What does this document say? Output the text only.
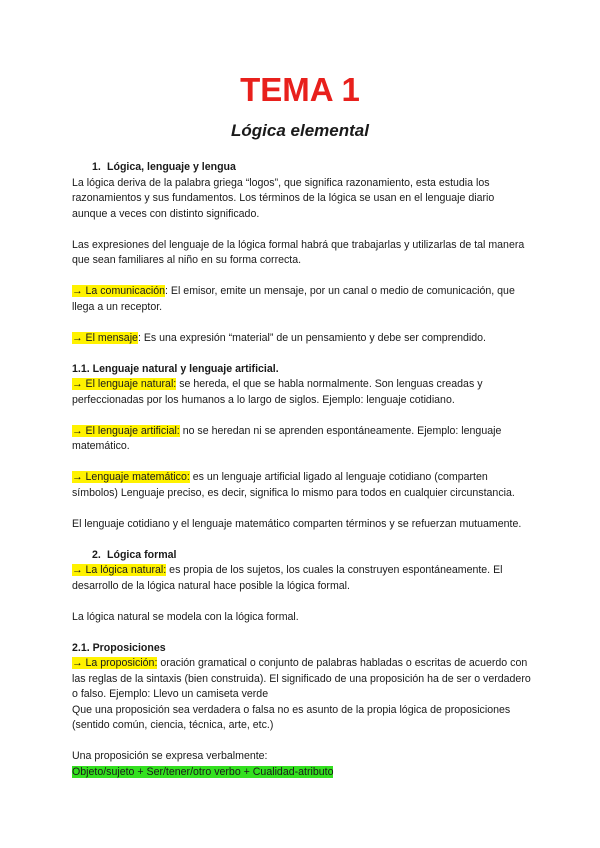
TEMA 1
Lógica elemental

1. Lógica, lenguaje y lengua

La lógica deriva de la palabra griega “logos”, que significa razonamiento, esta estudia los razonamientos y sus fundamentos. Los términos de la lógica se usan en el lenguaje diario aunque a veces con distinto significado.

Las expresiones del lenguaje de la lógica formal habrá que trabajarlas y utilizarlas de tal manera que sean familiares al niño en su forma correcta.

→ La comunicación: El emisor, emite un mensaje, por un canal o medio de comunicación, que llega a un receptor.

→ El mensaje: Es una expresión “material” de un pensamiento y debe ser comprendido.

1.1. Lenguaje natural y lenguaje artificial.

→ El lenguaje natural: se hereda, el que se habla normalmente. Son lenguas creadas y perfeccionadas por los humanos a lo largo de siglos. Ejemplo: lenguaje cotidiano.

→ El lenguaje artificial: no se heredan ni se aprenden espontáneamente. Ejemplo: lenguaje matemático.

→ Lenguaje matemático: es un lenguaje artificial ligado al lenguaje cotidiano (comparten símbolos) Lenguaje preciso, es decir, significa lo mismo para todos en cualquier circunstancia.

El lenguaje cotidiano y el lenguaje matemático comparten términos y se refuerzan mutuamente.

2. Lógica formal

→ La lógica natural: es propia de los sujetos, los cuales la construyen espontáneamente. El desarrollo de la lógica natural hace posible la lógica formal.

La lógica natural se modela con la lógica formal.

2.1. Proposiciones

→ La proposición: oración gramatical o conjunto de palabras habladas o escritas de acuerdo con las reglas de la sintaxis (bien construida). El significado de una proposición ha de ser o verdadero o falso. Ejemplo: Llevo un camiseta verde

Que una proposición sea verdadera o falsa no es asunto de la propia lógica de proposiciones (sentido común, ciencia, técnica, arte, etc.)

Una proposición se expresa verbalmente:

Objeto/sujeto + Ser/tener/otro verbo + Cualidad-atributo
